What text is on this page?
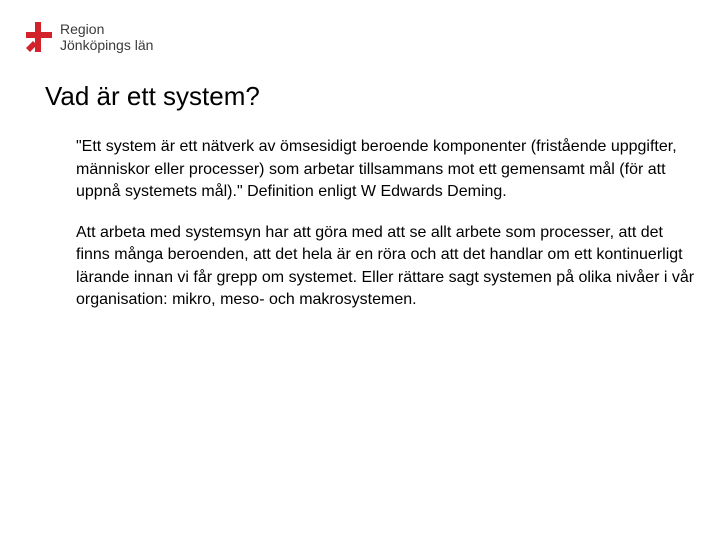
Region
Jönköpings län
Vad är ett system?

"Ett system är ett nätverk av ömsesidigt beroende komponenter (fristående uppgifter, människor eller processer) som arbetar tillsammans mot ett gemensamt mål (för att uppnå systemets mål)." Definition enligt W Edwards Deming.

Att arbeta med systemsyn har att göra med att se allt arbete som processer, att det finns många beroenden, att det hela är en röra och att det handlar om ett kontinuerligt lärande innan vi får grepp om systemet. Eller rättare sagt systemen på olika nivåer i vår organisation: mikro, meso- och makrosystemen.
